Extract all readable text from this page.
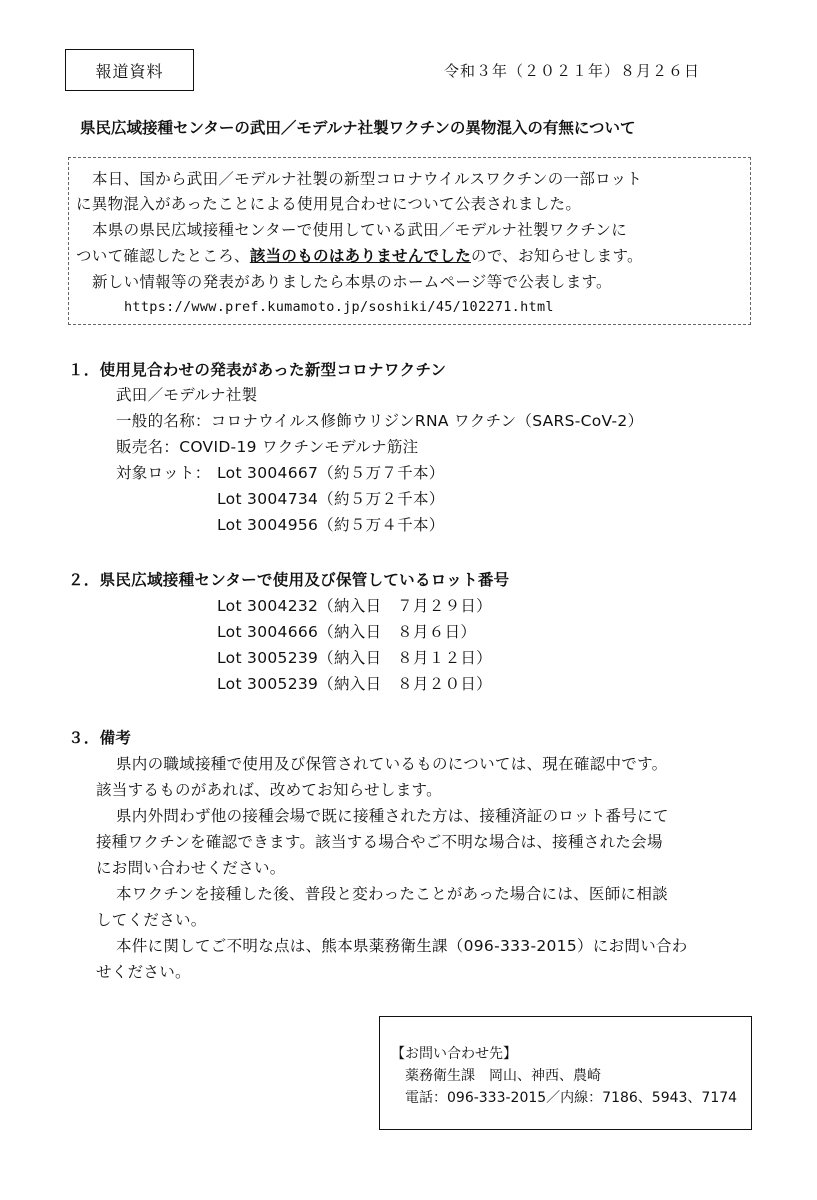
報道資料	令和３年（２０２１年）８月２６日
県民広域接種センターの武田／モデルナ社製ワクチンの異物混入の有無について
本日、国から武田／モデルナ社製の新型コロナウイルスワクチンの一部ロット
に異物混入があったことによる使用見合わせについて公表されました。
本県の県民広域接種センターで使用している武田／モデルナ社製ワクチンに
ついて確認したところ、該当のものはありませんでしたので、お知らせします。
新しい情報等の発表がありましたら本県のホームページ等で公表します。
https://www.pref.kumamoto.jp/soshiki/45/102271.html
１．使用見合わせの発表があった新型コロナワクチン
武田／モデルナ社製
一般的名称：コロナウイルス修飾ウリジンRNA ワクチン（SARS-CoV-2）
販売名：COVID-19 ワクチンモデルナ筋注
対象ロット： Lot 3004667（約５万７千本）
Lot 3004734（約５万２千本）
Lot 3004956（約５万４千本）
２．県民広域接種センターで使用及び保管しているロット番号
Lot 3004232（納入日　７月２９日）
Lot 3004666（納入日　８月６日）
Lot 3005239（納入日　８月１２日）
Lot 3005239（納入日　８月２０日）
３．備考
県内の職域接種で使用及び保管されているものについては、現在確認中です。
該当するものがあれば、改めてお知らせします。
県内外問わず他の接種会場で既に接種された方は、接種済証のロット番号にて
接種ワクチンを確認できます。該当する場合やご不明な場合は、接種された会場
にお問い合わせください。
本ワクチンを接種した後、普段と変わったことがあった場合には、医師に相談
してください。
本件に関してご不明な点は、熊本県薬務衛生課（096-333-2015）にお問い合わ
せください。
【お問い合わせ先】
薬務衛生課　岡山、神西、農崎
電話：096-333-2015／内線：7186、5943、7174
